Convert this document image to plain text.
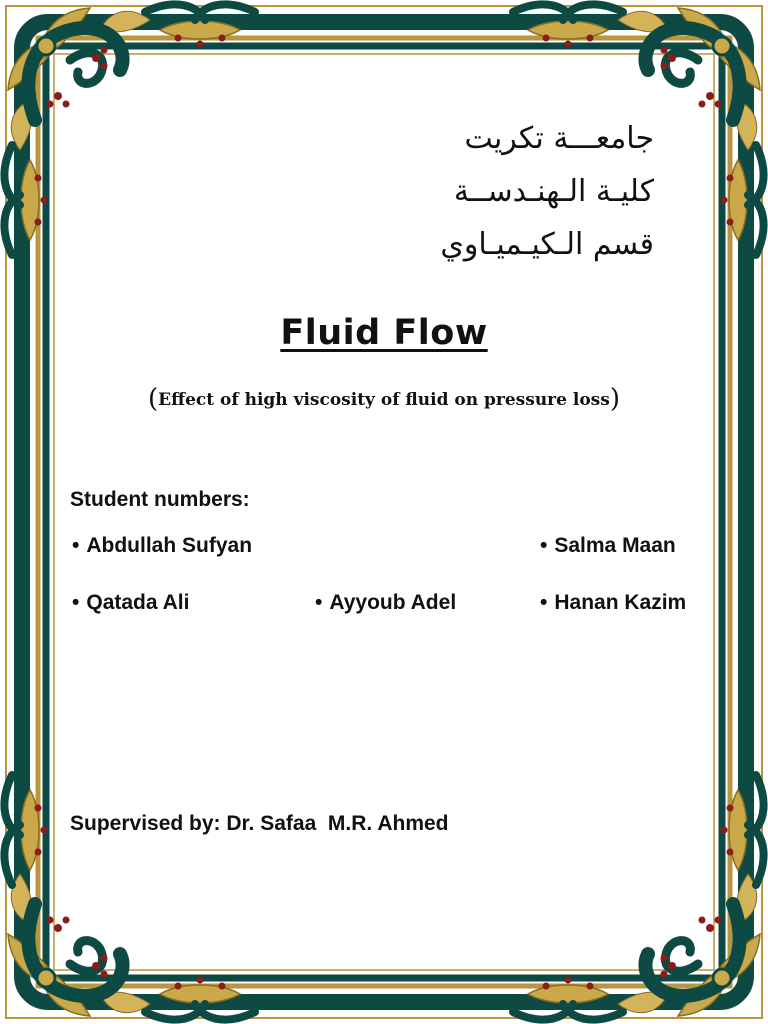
جامعـــة تكريت
كليـة الـهنـدســة
قسم الـكيـميـاوي
Fluid Flow
(Effect of high viscosity of fluid on pressure loss)
Student numbers:
• Abdullah Sufyan	• Salma Maan
• Qatada Ali	• Ayyoub Adel	• Hanan Kazim
Supervised by: Dr. Safaa  M.R. Ahmed
